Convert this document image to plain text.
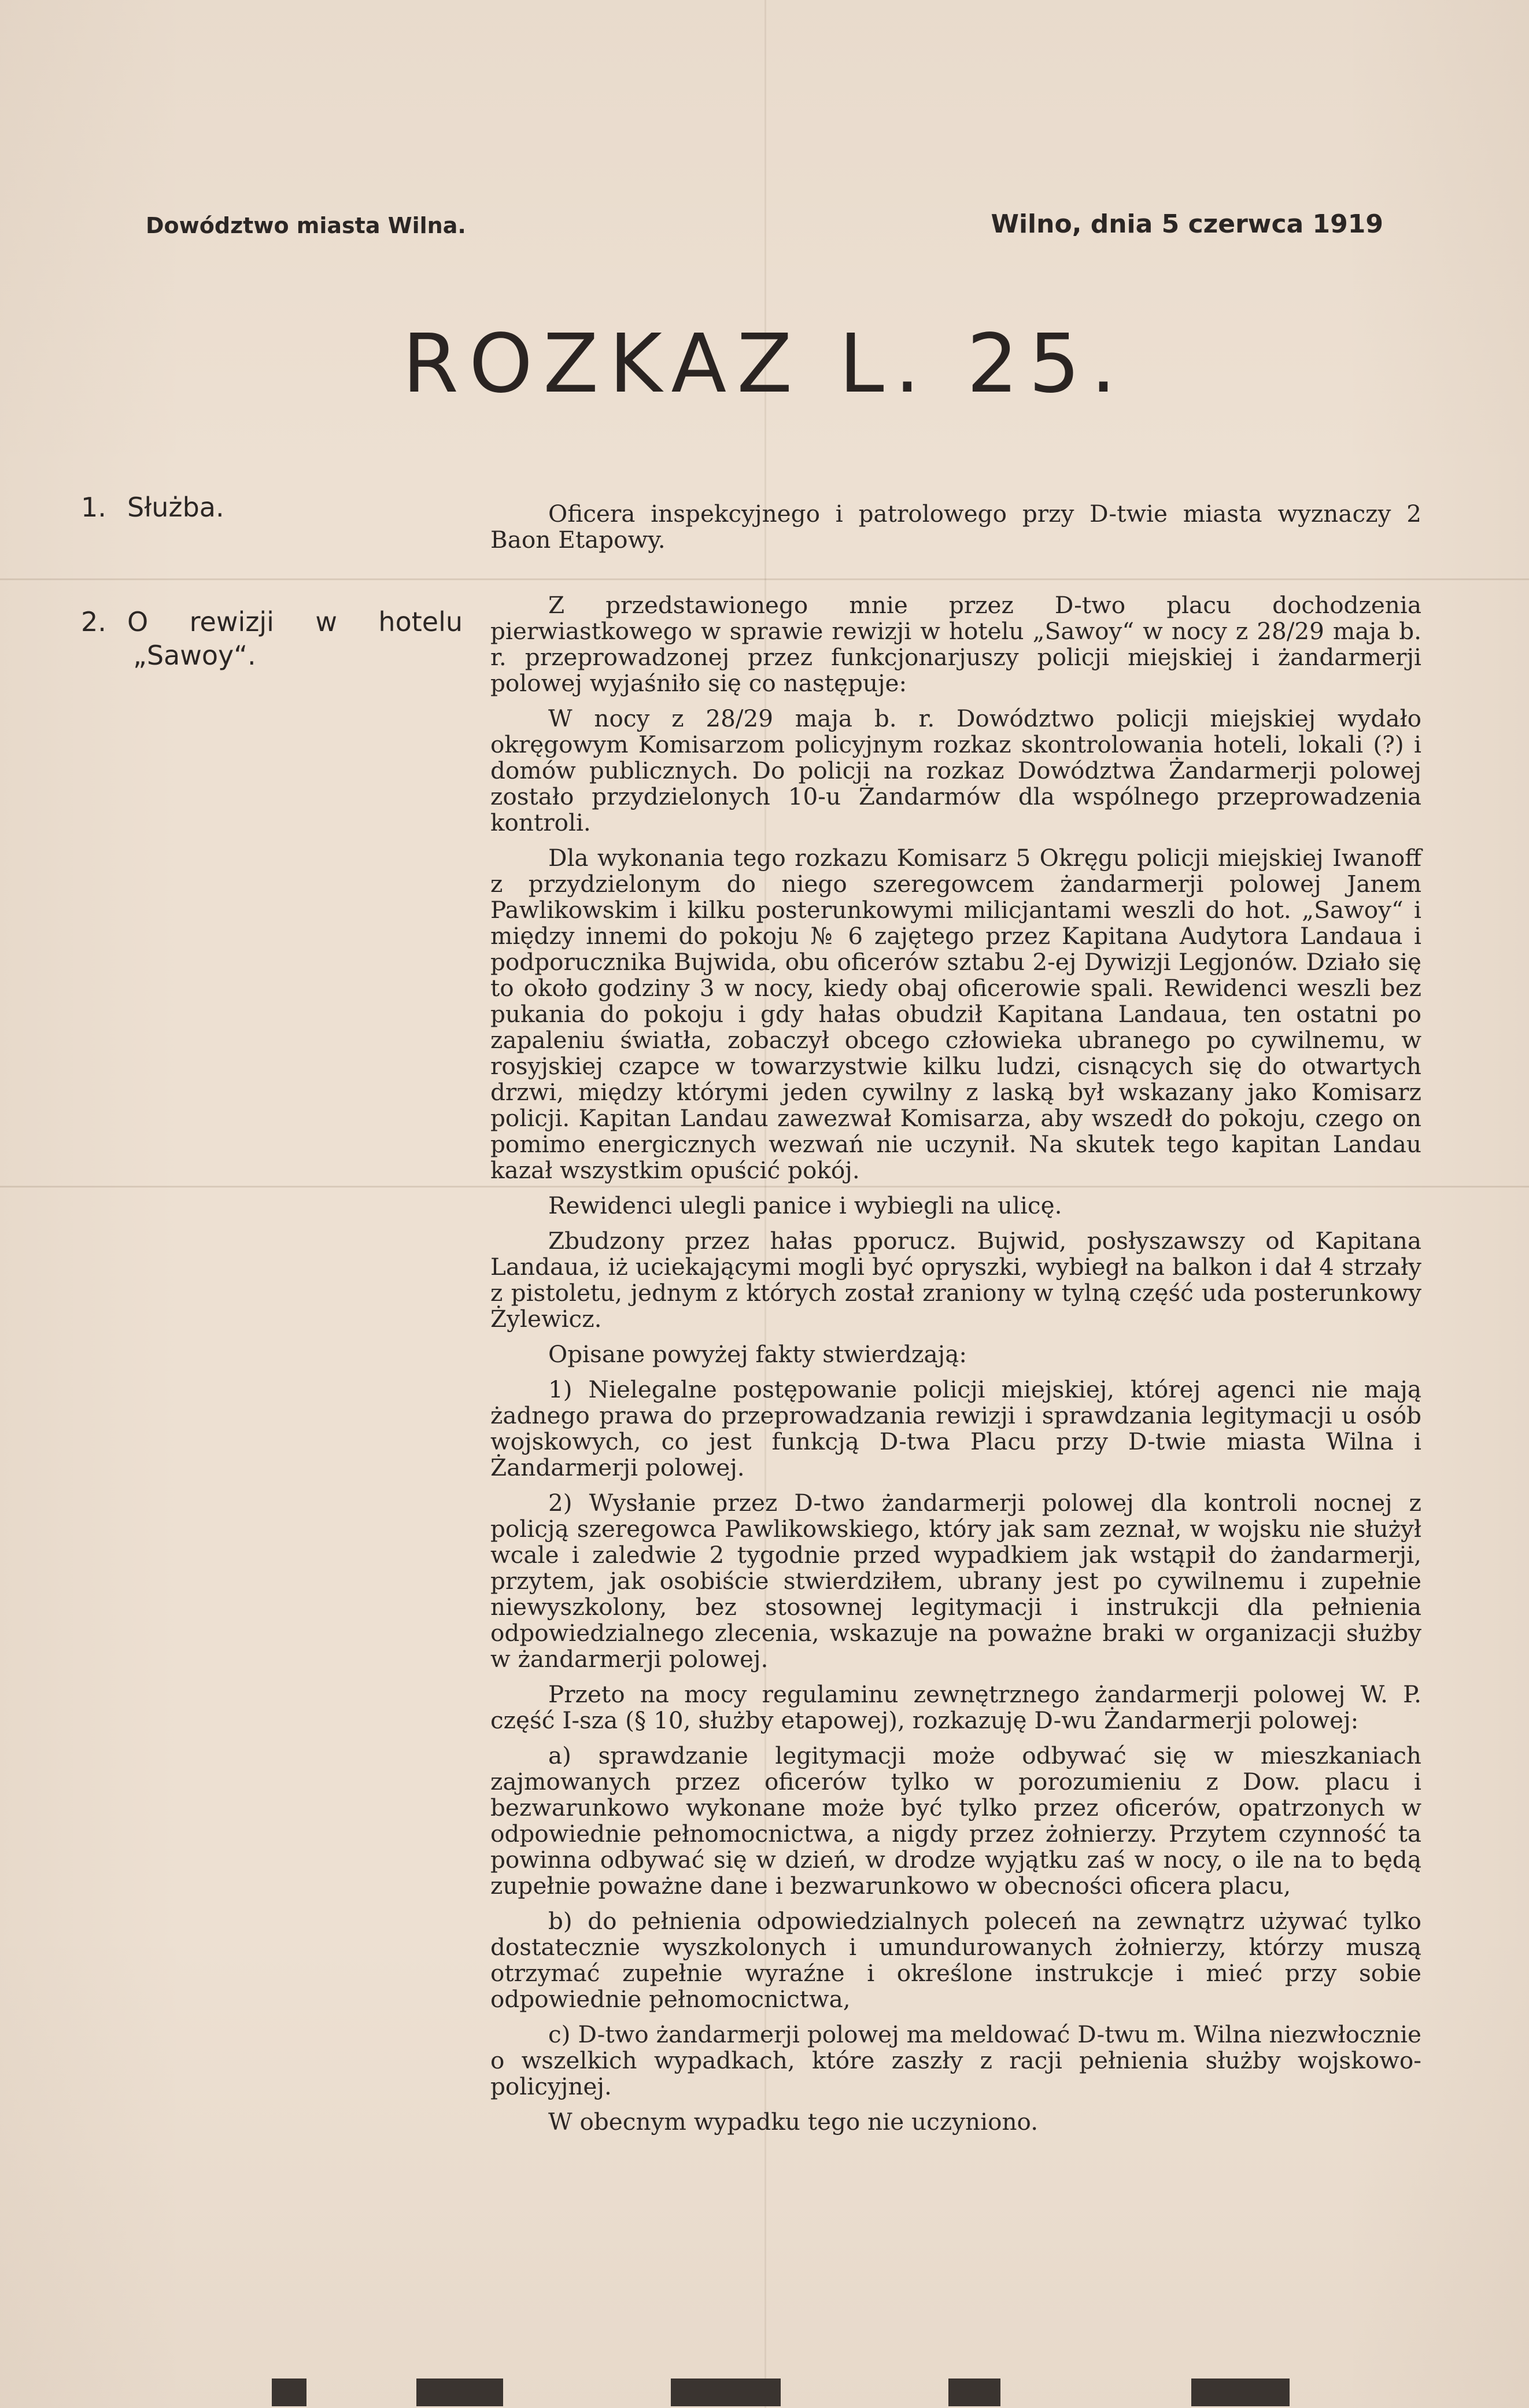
Dowództwo miasta Wilna.	Wilno, dnia 5 czerwca 1919
ROZKAZ L. 25.
1. Służba.
2. O rewizji w hotelu
„Sawoy“.

Oficera inspekcyjnego i patrolowego przy D-twie miasta wyznaczy 2 Baon Etapowy.

Z przedstawionego mnie przez D-two placu dochodzenia pierwiastkowego w sprawie rewizji w hotelu „Sawoy“ w nocy z 28/29 maja b. r. przeprowadzonej przez funkcjonarjuszy policji miejskiej i żandarmerji polowej wyjaśniło się co następuje:

W nocy z 28/29 maja b. r. Dowództwo policji miejskiej wydało okręgowym Komisarzom policyjnym rozkaz skontrolowania hoteli, lokali (?) i domów publicznych. Do policji na rozkaz Dowództwa Żandarmerji polowej zostało przydzielonych 10-u Żandarmów dla wspólnego przeprowadzenia kontroli.

Dla wykonania tego rozkazu Komisarz 5 Okręgu policji miejskiej Iwanoff z przydzielonym do niego szeregowcem żandarmerji polowej Janem Pawlikowskim i kilku posterunkowymi milicjantami weszli do hot. „Sawoy“ i między innemi do pokoju № 6 zajętego przez Kapitana Audytora Landaua i podporucznika Bujwida, obu oficerów sztabu 2-ej Dywizji Legjonów. Działo się to około godziny 3 w nocy, kiedy obaj oficerowie spali. Rewidenci weszli bez pukania do pokoju i gdy hałas obudził Kapitana Landaua, ten ostatni po zapaleniu światła, zobaczył obcego człowieka ubranego po cywilnemu, w rosyjskiej czapce w towarzystwie kilku ludzi, cisnących się do otwartych drzwi, między którymi jeden cywilny z laską był wskazany jako Komisarz policji. Kapitan Landau zawezwał Komisarza, aby wszedł do pokoju, czego on pomimo energicznych wezwań nie uczynił. Na skutek tego kapitan Landau kazał wszystkim opuścić pokój.

Rewidenci ulegli panice i wybiegli na ulicę.

Zbudzony przez hałas pporucz. Bujwid, posłyszawszy od Kapitana Landaua, iż uciekającymi mogli być opryszki, wybiegł na balkon i dał 4 strzały z pistoletu, jednym z których został zraniony w tylną część uda posterunkowy Żylewicz.

Opisane powyżej fakty stwierdzają:

1) Nielegalne postępowanie policji miejskiej, której agenci nie mają żadnego prawa do przeprowadzania rewizji i sprawdzania legitymacji u osób wojskowych, co jest funkcją D-twa Placu przy D-twie miasta Wilna i Żandarmerji polowej.

2) Wysłanie przez D-two żandarmerji polowej dla kontroli nocnej z policją szeregowca Pawlikowskiego, który jak sam zeznał, w wojsku nie służył wcale i zaledwie 2 tygodnie przed wypadkiem jak wstąpił do żandarmerji, przytem, jak osobiście stwierdziłem, ubrany jest po cywilnemu i zupełnie niewyszkolony, bez stosownej legitymacji i instrukcji dla pełnienia odpowiedzialnego zlecenia, wskazuje na poważne braki w organizacji służby w żandarmerji polowej.

Przeto na mocy regulaminu zewnętrznego żandarmerji polowej W. P. część I-sza (§ 10, służby etapowej), rozkazuję D-wu Żandarmerji polowej:

a) sprawdzanie legitymacji może odbywać się w mieszkaniach zajmowanych przez oficerów tylko w porozumieniu z Dow. placu i bezwarunkowo wykonane może być tylko przez oficerów, opatrzonych w odpowiednie pełnomocnictwa, a nigdy przez żołnierzy. Przytem czynność ta powinna odbywać się w dzień, w drodze wyjątku zaś w nocy, o ile na to będą zupełnie poważne dane i bezwarunkowo w obecności oficera placu,

b) do pełnienia odpowiedzialnych poleceń na zewnątrz używać tylko dostatecznie wyszkolonych i umundurowanych żołnierzy, którzy muszą otrzymać zupełnie wyraźne i określone instrukcje i mieć przy sobie odpowiednie pełnomocnictwa,

c) D-two żandarmerji polowej ma meldować D-twu m. Wilna niezwłocznie o wszelkich wypadkach, które zaszły z racji pełnienia służby wojskowo-policyjnej.

W obecnym wypadku tego nie uczyniono.
